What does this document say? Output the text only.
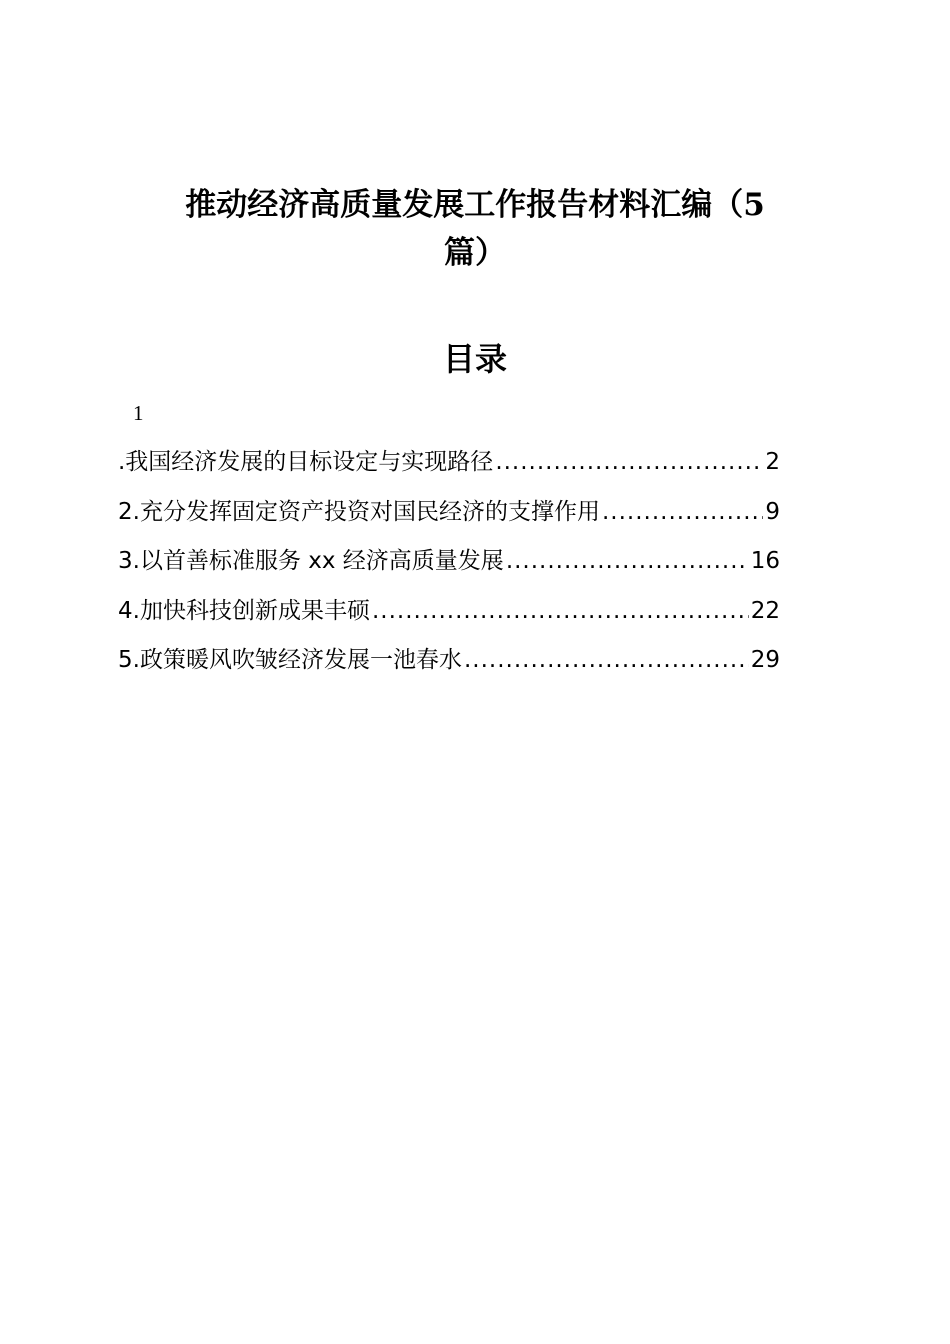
推动经济高质量发展工作报告材料汇编（5
篇）
目录
1
.我国经济发展的目标设定与实现路径 .....	2
2. 充分发挥固定资产投资对国民经济的支撑作用 .....	9
3. 以首善标准服务 xx 经济高质量发展 .....	16
4. 加快科技创新成果丰硕 .....	22
5. 政策暖风吹皱经济发展一池春水 .....	29
